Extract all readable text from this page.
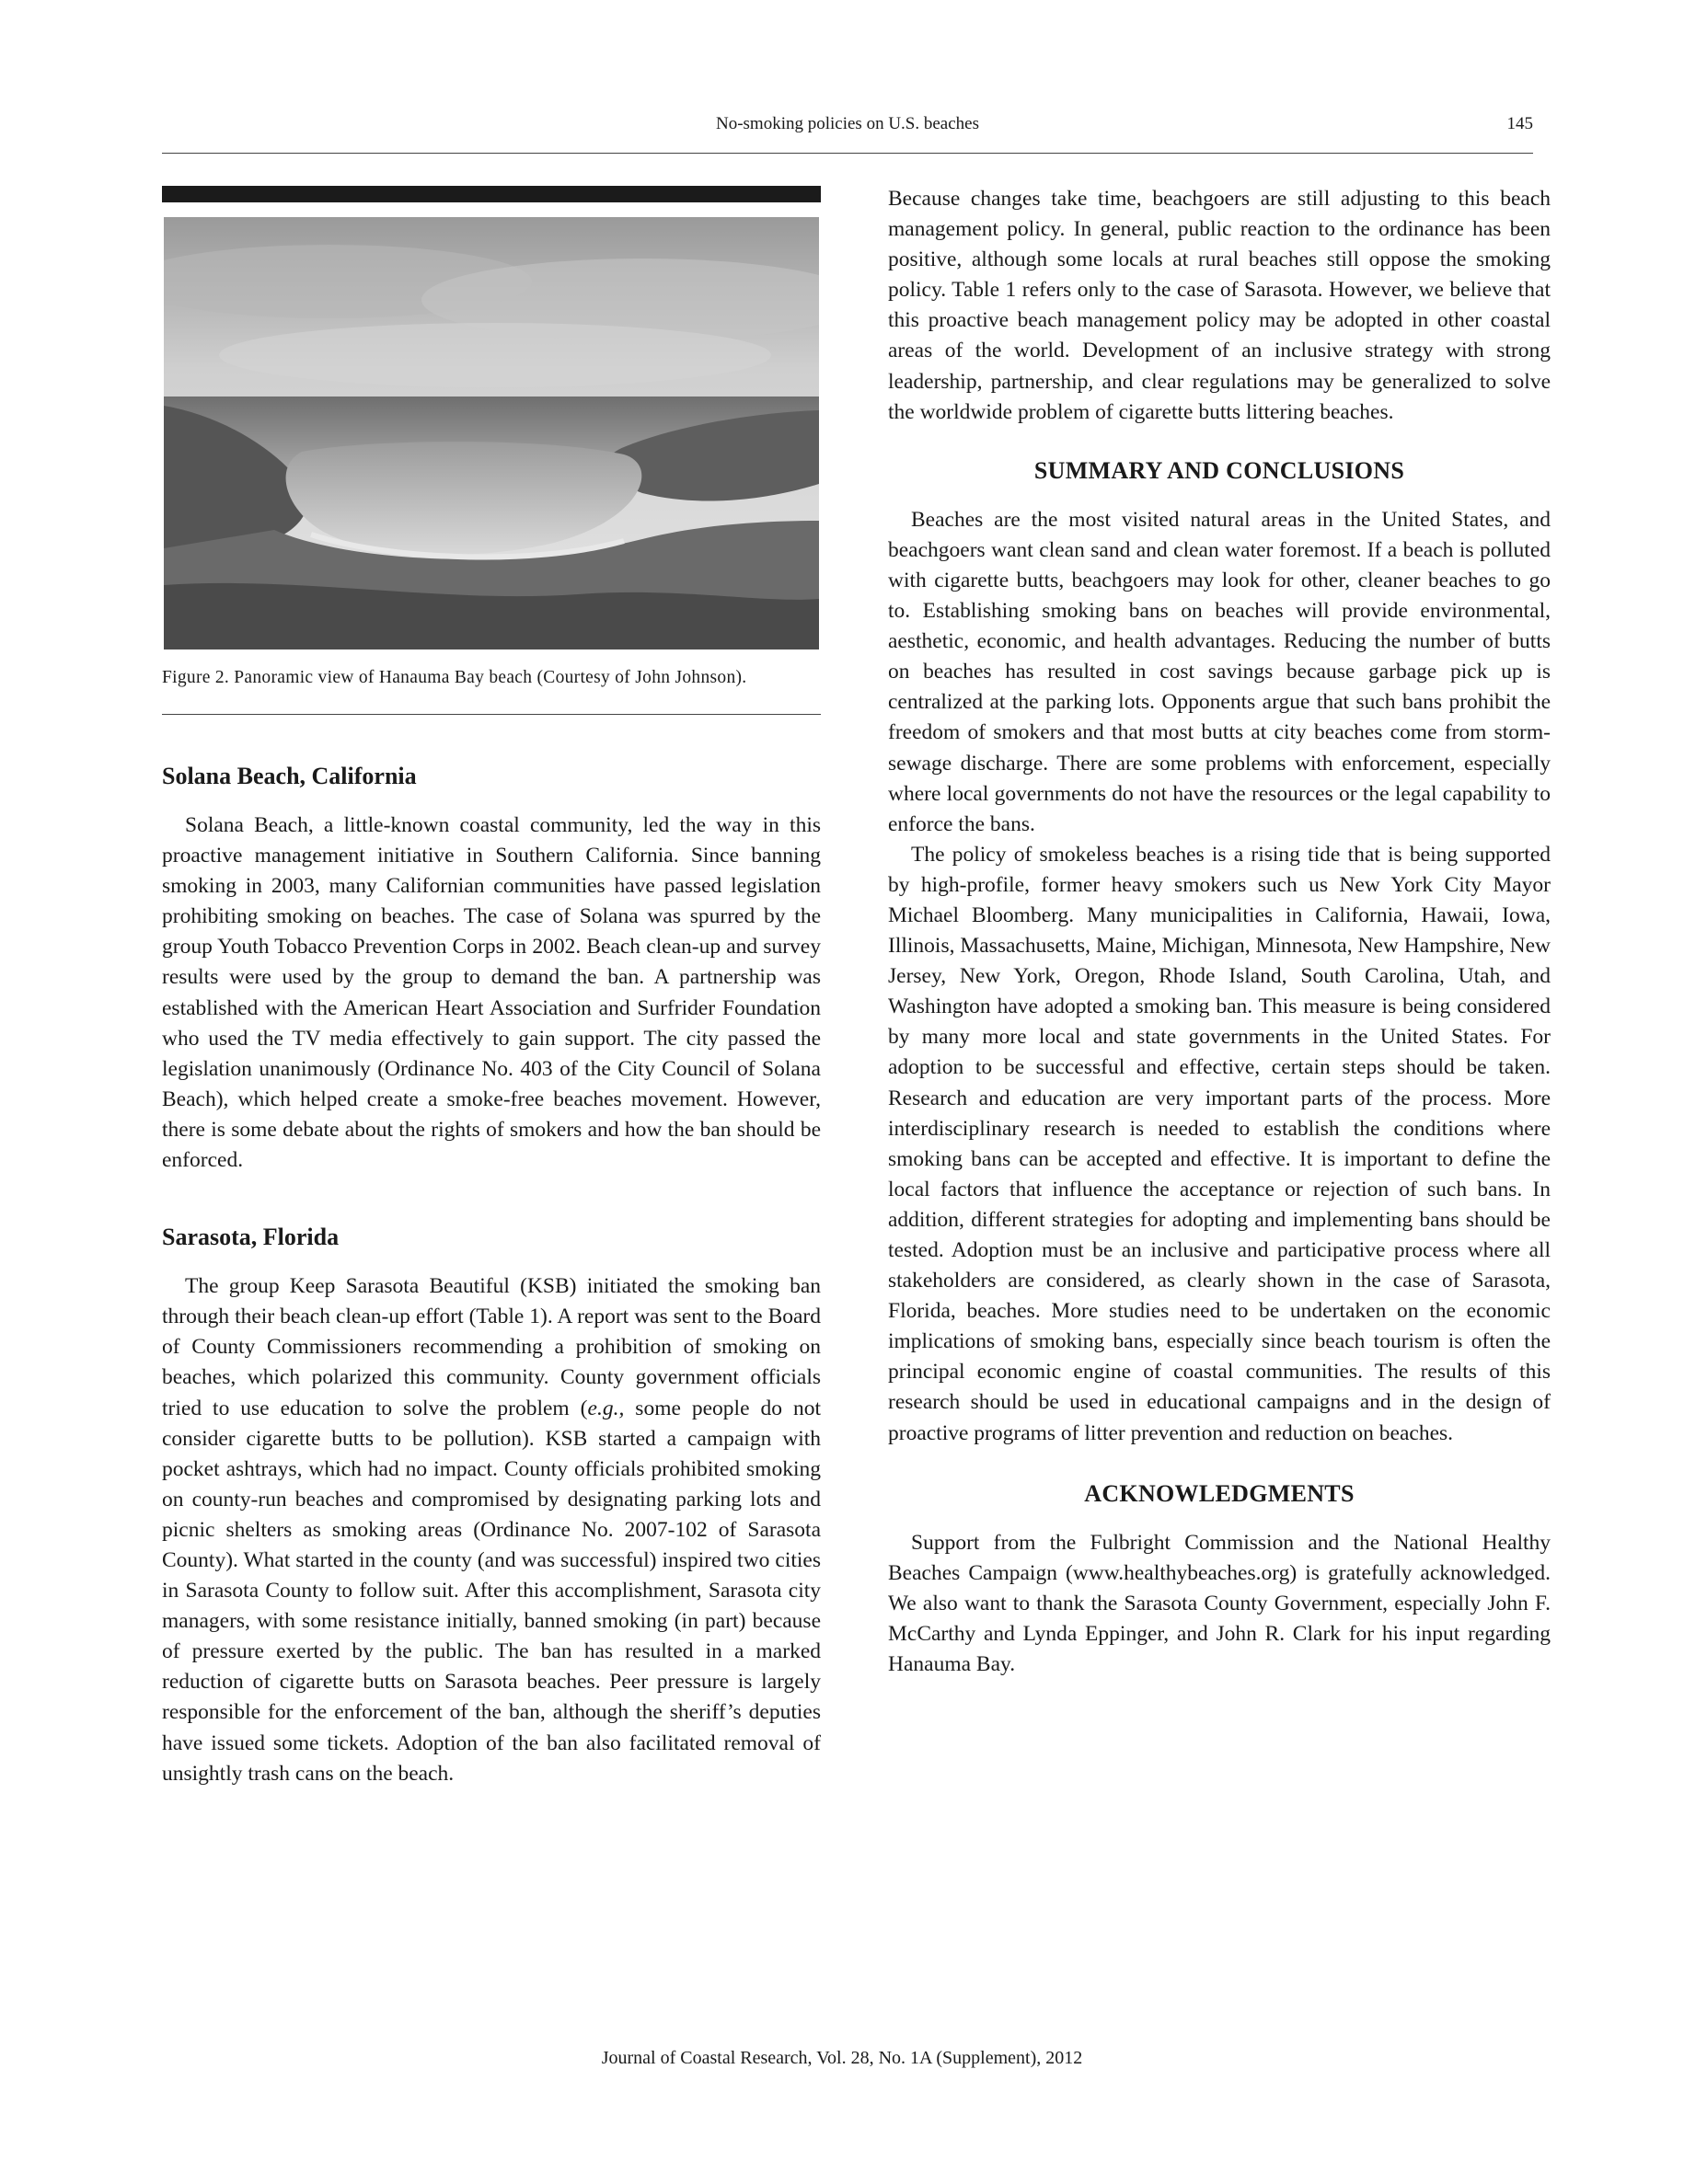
No-smoking policies on U.S. beaches	145
Figure 2. Panoramic view of Hanauma Bay beach (Courtesy of John Johnson).
Solana Beach, California

Solana Beach, a little-known coastal community, led the way in this proactive management initiative in Southern California. Since banning smoking in 2003, many Californian communities have passed legislation prohibiting smoking on beaches. The case of Solana was spurred by the group Youth Tobacco Prevention Corps in 2002. Beach clean-up and survey results were used by the group to demand the ban. A partnership was established with the American Heart Association and Surfrider Foundation who used the TV media effectively to gain support. The city passed the legislation unanimously (Ordinance No. 403 of the City Council of Solana Beach), which helped create a smoke-free beaches movement. However, there is some debate about the rights of smokers and how the ban should be enforced.

Sarasota, Florida

The group Keep Sarasota Beautiful (KSB) initiated the smoking ban through their beach clean-up effort (Table 1). A report was sent to the Board of County Commissioners recommending a prohibition of smoking on beaches, which polarized this community. County government officials tried to use education to solve the problem (e.g., some people do not consider cigarette butts to be pollution). KSB started a campaign with pocket ashtrays, which had no impact. County officials prohibited smoking on county-run beaches and compromised by designating parking lots and picnic shelters as smoking areas (Ordinance No. 2007-102 of Sarasota County). What started in the county (and was successful) inspired two cities in Sarasota County to follow suit. After this accomplishment, Sarasota city managers, with some resistance initially, banned smoking (in part) because of pressure exerted by the public. The ban has resulted in a marked reduction of cigarette butts on Sarasota beaches. Peer pressure is largely responsible for the enforcement of the ban, although the sheriff’s deputies have issued some tickets. Adoption of the ban also facilitated removal of unsightly trash cans on the beach.

Because changes take time, beachgoers are still adjusting to this beach management policy. In general, public reaction to the ordinance has been positive, although some locals at rural beaches still oppose the smoking policy. Table 1 refers only to the case of Sarasota. However, we believe that this proactive beach management policy may be adopted in other coastal areas of the world. Development of an inclusive strategy with strong leadership, partnership, and clear regulations may be generalized to solve the worldwide problem of cigarette butts littering beaches.

SUMMARY AND CONCLUSIONS

Beaches are the most visited natural areas in the United States, and beachgoers want clean sand and clean water foremost. If a beach is polluted with cigarette butts, beachgoers may look for other, cleaner beaches to go to. Establishing smoking bans on beaches will provide environmental, aesthetic, economic, and health advantages. Reducing the number of butts on beaches has resulted in cost savings because garbage pick up is centralized at the parking lots. Opponents argue that such bans prohibit the freedom of smokers and that most butts at city beaches come from storm-sewage discharge. There are some problems with enforcement, especially where local governments do not have the resources or the legal capability to enforce the bans.

The policy of smokeless beaches is a rising tide that is being supported by high-profile, former heavy smokers such us New York City Mayor Michael Bloomberg. Many municipalities in California, Hawaii, Iowa, Illinois, Massachusetts, Maine, Michigan, Minnesota, New Hampshire, New Jersey, New York, Oregon, Rhode Island, South Carolina, Utah, and Washington have adopted a smoking ban. This measure is being considered by many more local and state governments in the United States. For adoption to be successful and effective, certain steps should be taken. Research and education are very important parts of the process. More interdisciplinary research is needed to establish the conditions where smoking bans can be accepted and effective. It is important to define the local factors that influence the acceptance or rejection of such bans. In addition, different strategies for adopting and implementing bans should be tested. Adoption must be an inclusive and participative process where all stakeholders are considered, as clearly shown in the case of Sarasota, Florida, beaches. More studies need to be undertaken on the economic implications of smoking bans, especially since beach tourism is often the principal economic engine of coastal communities. The results of this research should be used in educational campaigns and in the design of proactive programs of litter prevention and reduction on beaches.

ACKNOWLEDGMENTS

Support from the Fulbright Commission and the National Healthy Beaches Campaign (www.healthybeaches.org) is gratefully acknowledged. We also want to thank the Sarasota County Government, especially John F. McCarthy and Lynda Eppinger, and John R. Clark for his input regarding Hanauma Bay.

Journal of Coastal Research, Vol. 28, No. 1A (Supplement), 2012
